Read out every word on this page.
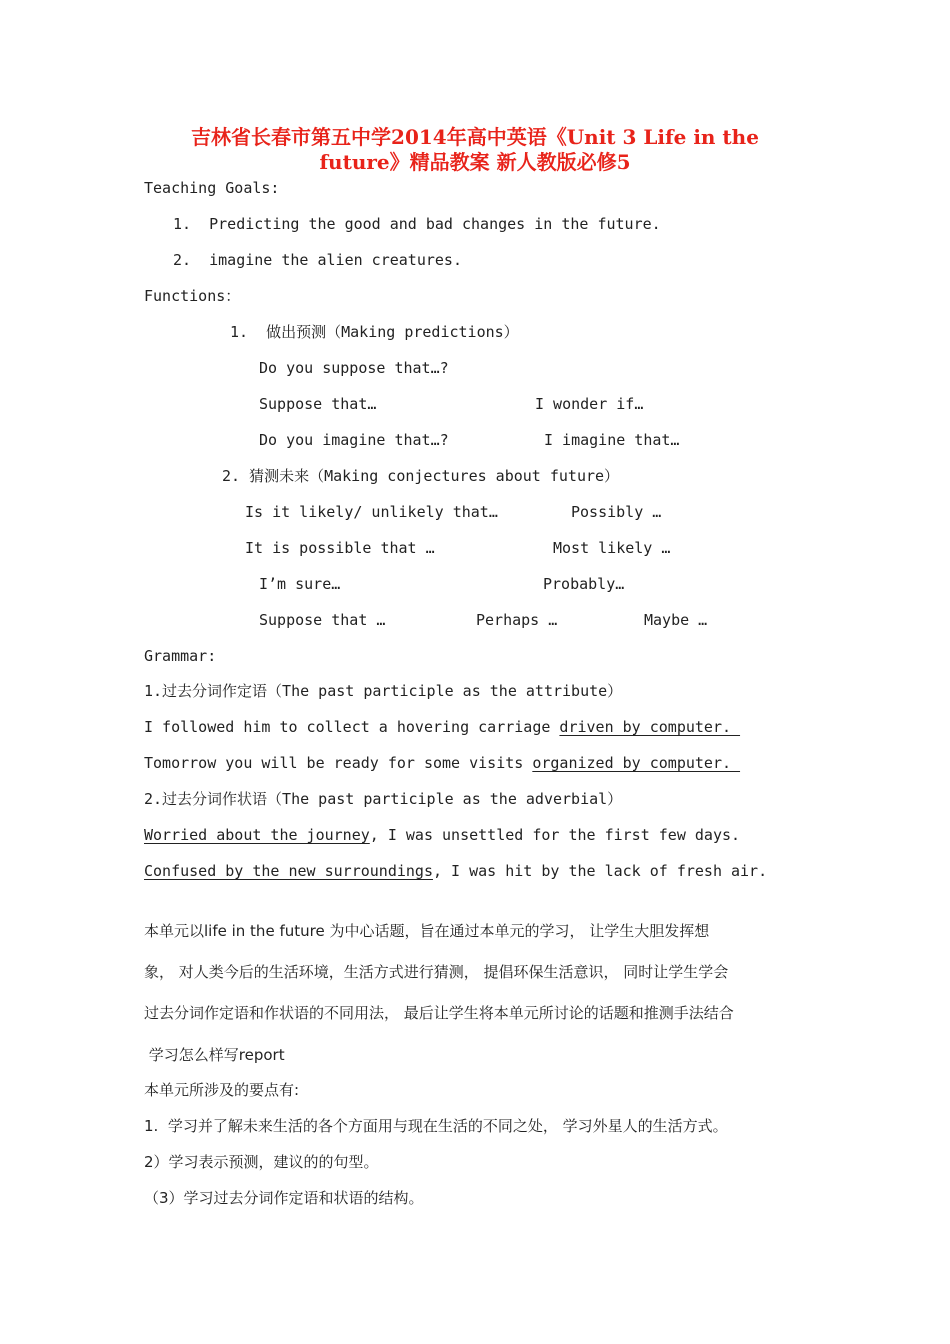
吉林省长春市第五中学2014年高中英语《Unit 3 Life in the
future》精品教案 新人教版必修5
Teaching Goals:
1.  Predicting the good and bad changes in the future.
2.  imagine the alien creatures.
Functions：
1.  做出预测（Making predictions）
Do you suppose that…?
Suppose that…	I wonder if…
Do you imagine that…?	I imagine that…
2. 猜测未来（Making conjectures about future）
Is it likely/ unlikely that…	Possibly …
It is possible that …	Most likely …
I’m sure…	Probably…
Suppose that …	Perhaps …	Maybe …
Grammar:
1.过去分词作定语（The past participle as the attribute）
I followed him to collect a hovering carriage driven by computer.
Tomorrow you will be ready for some visits organized by computer.
2.过去分词作状语（The past participle as the adverbial）
Worried about the journey, I was unsettled for the first few days.
Confused by the new surroundings, I was hit by the lack of fresh air.
本单元以life in the future 为中心话题，旨在通过本单元的学习， 让学生大胆发挥想
象， 对人类今后的生活环境，生活方式进行猜测， 提倡环保生活意识， 同时让学生学会
过去分词作定语和作状语的不同用法， 最后让学生将本单元所讨论的话题和推测手法结合
学习怎么样写report
本单元所涉及的要点有:
1.  学习并了解未来生活的各个方面用与现在生活的不同之处， 学习外星人的生活方式。
2）学习表示预测，建议的的句型。
（3）学习过去分词作定语和状语的结构。
